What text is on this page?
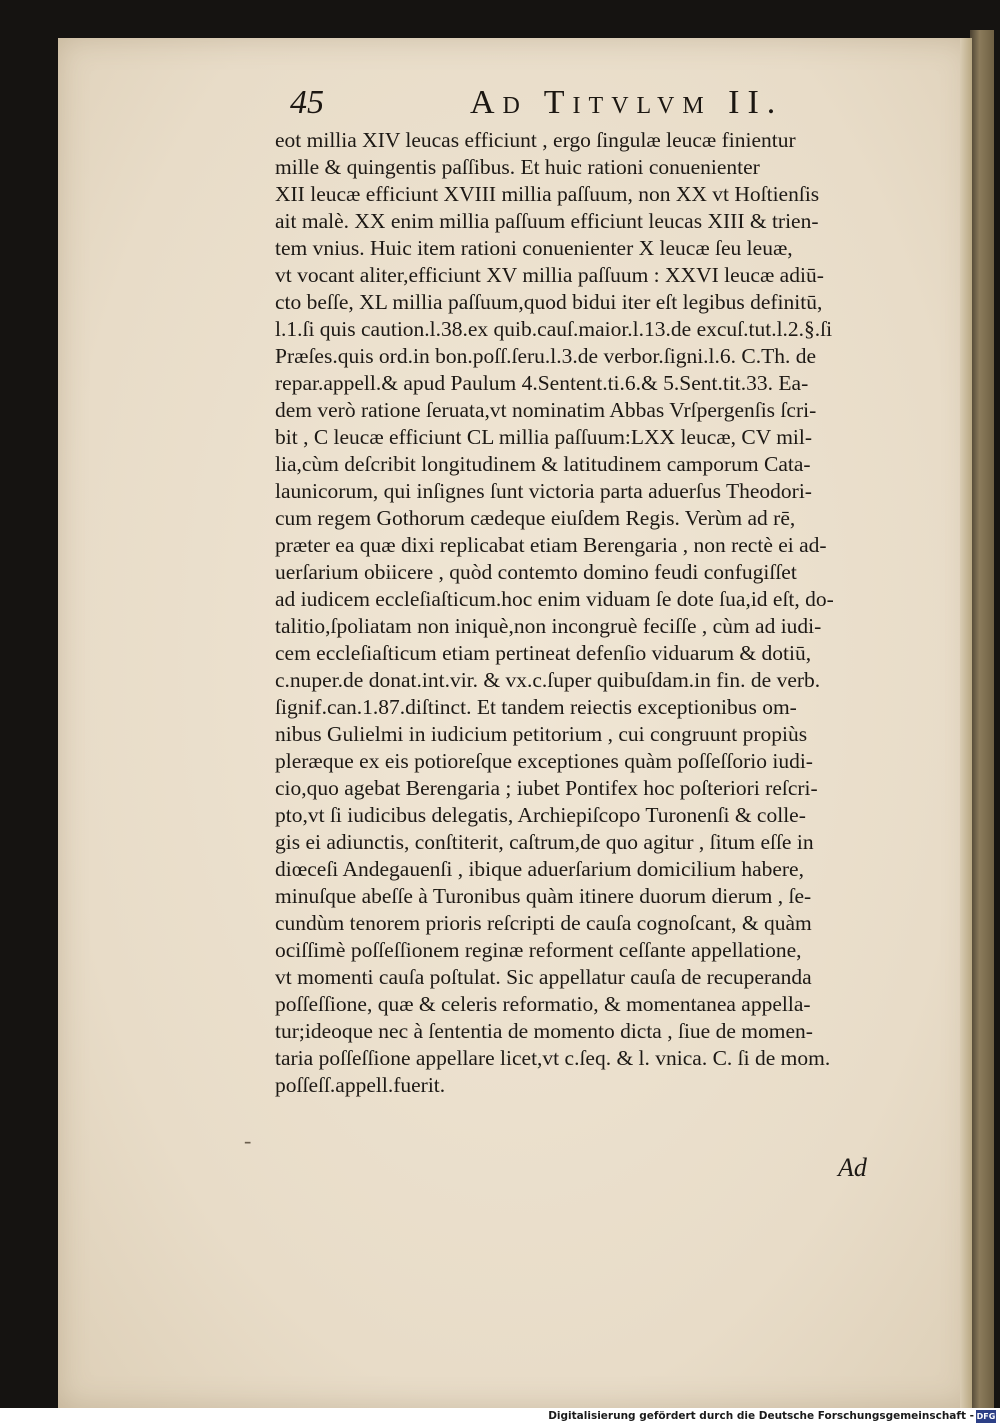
45	Ad Titvlvm II.
eot millia XIV leucas efficiunt , ergo ſingulæ leucæ finientur
mille & quingentis paſſibus. Et huic rationi conuenienter
XII leucæ efficiunt XVIII millia paſſuum, non XX vt Hoſtienſis
ait malè. XX enim millia paſſuum efficiunt leucas XIII & trien-
tem vnius. Huic item rationi conuenienter X leucæ ſeu leuæ,
vt vocant aliter,efficiunt XV millia paſſuum : XXVI leucæ adiū-
cto beſſe, XL millia paſſuum,quod bidui iter eſt legibus definitū,
l.1.ſi quis caution.l.38.ex quib.cauſ.maior.l.13.de excuſ.tut.l.2.§.ſi
Præſes.quis ord.in bon.poſſ.ſeru.l.3.de verbor.ſigni.l.6. C.Th. de
repar.appell.& apud Paulum 4.Sentent.ti.6.& 5.Sent.tit.33. Ea-
dem verò ratione ſeruata,vt nominatim Abbas Vrſpergenſis ſcri-
bit , C leucæ efficiunt CL millia paſſuum:LXX leucæ, CV mil-
lia,cùm deſcribit longitudinem & latitudinem camporum Cata-
launicorum, qui inſignes ſunt victoria parta aduerſus Theodori-
cum regem Gothorum cædeque eiuſdem Regis. Verùm ad rē,
præter ea quæ dixi replicabat etiam Berengaria , non rectè ei ad-
uerſarium obiicere , quòd contemto domino feudi confugiſſet
ad iudicem eccleſiaſticum.hoc enim viduam ſe dote ſua,id eſt, do-
talitio,ſpoliatam non iniquè,non incongruè feciſſe , cùm ad iudi-
cem eccleſiaſticum etiam pertineat defenſio viduarum & dotiū,
c.nuper.de donat.int.vir. & vx.c.ſuper quibuſdam.in fin. de verb.
ſignif.can.1.87.diſtinct. Et tandem reiectis exceptionibus om-
nibus Gulielmi in iudicium petitorium , cui congruunt propiùs
pleræque ex eis potioreſque exceptiones quàm poſſeſſorio iudi-
cio,quo agebat Berengaria ; iubet Pontifex hoc poſteriori reſcri-
pto,vt ſi iudicibus delegatis, Archiepiſcopo Turonenſi & colle-
gis ei adiunctis, conſtiterit, caſtrum,de quo agitur , ſitum eſſe in
diœceſi Andegauenſi , ibique aduerſarium domicilium habere,
minuſque abeſſe à Turonibus quàm itinere duorum dierum , ſe-
cundùm tenorem prioris reſcripti de cauſa cognoſcant, & quàm
ociſſimè poſſeſſionem reginæ reforment ceſſante appellatione,
vt momenti cauſa poſtulat. Sic appellatur cauſa de recuperanda
poſſeſſione, quæ & celeris reformatio, & momentanea appella-
tur;ideoque nec à ſententia de momento dicta , ſiue de momen-
taria poſſeſſione appellare licet,vt c.ſeq. & l. vnica. C. ſi de mom.
poſſeſſ.appell.fuerit.
-
Ad
Digitalisierung gefördert durch die Deutsche Forschungsgemeinschaft - DFG
